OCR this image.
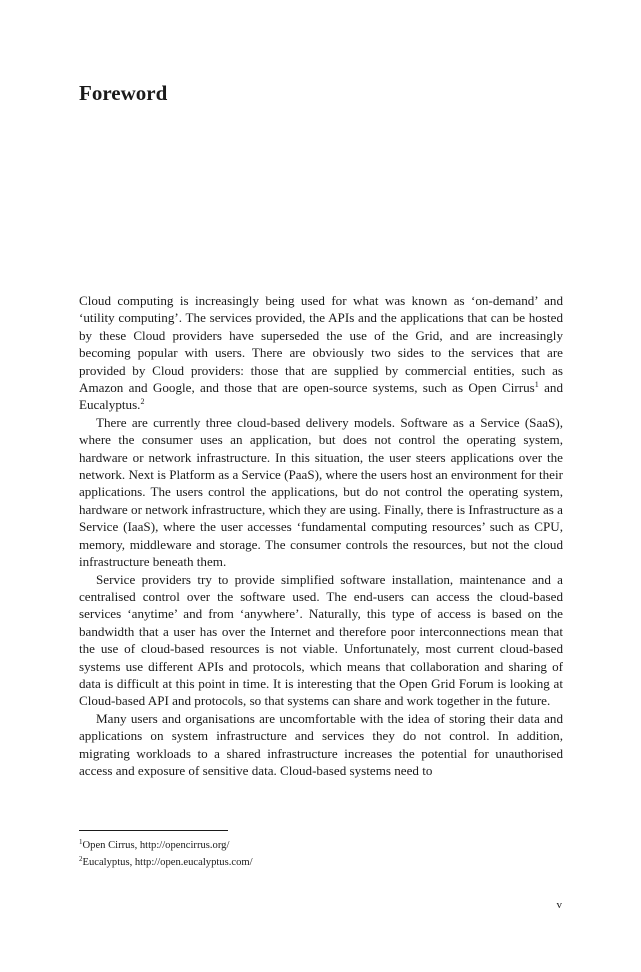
Foreword

Cloud computing is increasingly being used for what was known as ‘on-demand’ and ‘utility computing’. The services provided, the APIs and the applications that can be hosted by these Cloud providers have superseded the use of the Grid, and are increasingly becoming popular with users. There are obviously two sides to the services that are provided by Cloud providers: those that are supplied by commercial entities, such as Amazon and Google, and those that are open-source systems, such as Open Cirrus$^1$ and Eucalyptus.$^2$

There are currently three cloud-based delivery models. Software as a Service (SaaS), where the consumer uses an application, but does not control the operating system, hardware or network infrastructure. In this situation, the user steers applications over the network. Next is Platform as a Service (PaaS), where the users host an environment for their applications. The users control the applications, but do not control the operating system, hardware or network infrastructure, which they are using. Finally, there is Infrastructure as a Service (IaaS), where the user accesses ‘fundamental computing resources’ such as CPU, memory, middleware and storage. The consumer controls the resources, but not the cloud infrastructure beneath them.

Service providers try to provide simplified software installation, maintenance and a centralised control over the software used. The end-users can access the cloud-based services ‘anytime’ and from ‘anywhere’. Naturally, this type of access is based on the bandwidth that a user has over the Internet and therefore poor interconnections mean that the use of cloud-based resources is not viable. Unfortunately, most current cloud-based systems use different APIs and protocols, which means that collaboration and sharing of data is difficult at this point in time. It is interesting that the Open Grid Forum is looking at Cloud-based API and protocols, so that systems can share and work together in the future.

Many users and organisations are uncomfortable with the idea of storing their data and applications on system infrastructure and services they do not control. In addition, migrating workloads to a shared infrastructure increases the potential for unauthorised access and exposure of sensitive data. Cloud-based systems need to

$^1$Open Cirrus, http://opencirrus.org/
$^2$Eucalyptus, http://open.eucalyptus.com/
v
